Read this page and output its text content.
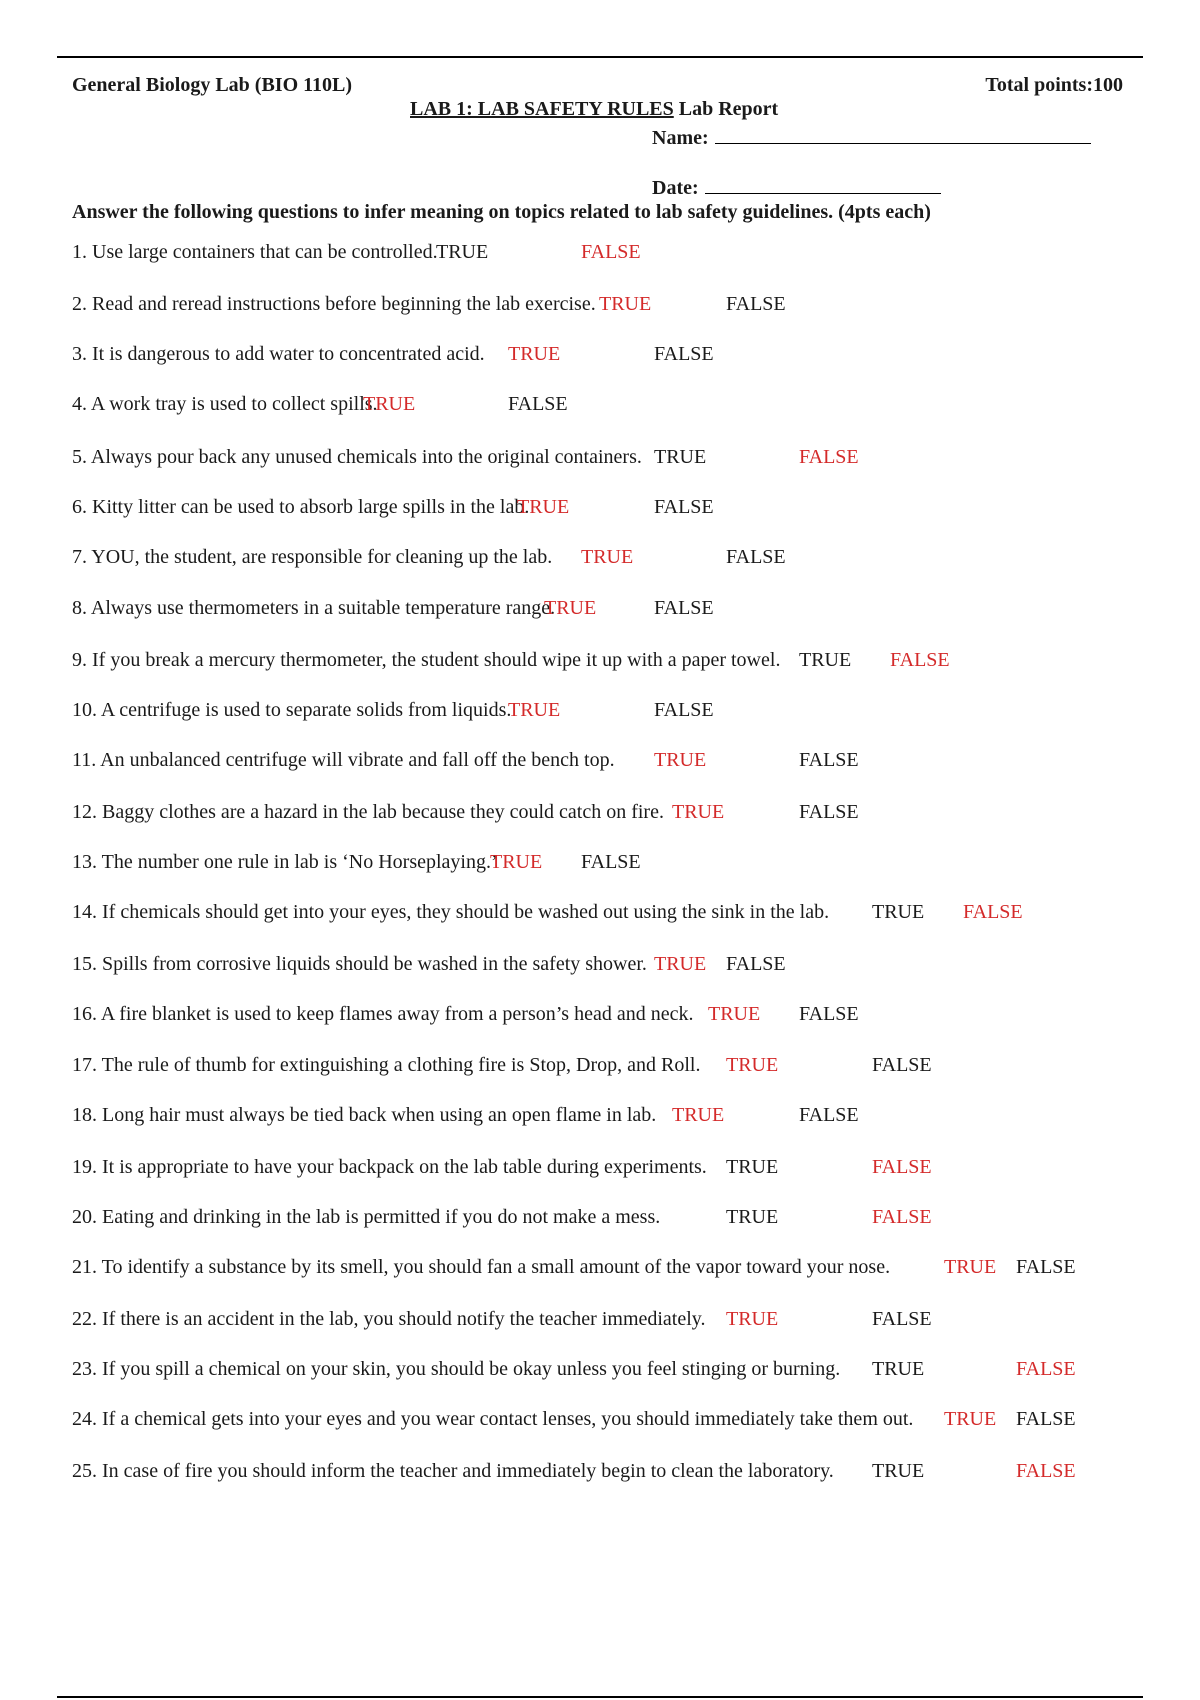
General Biology Lab (BIO 110L)	Total points:100
LAB 1: LAB SAFETY RULES Lab Report
Name:
Date:
Answer the following questions to infer meaning on topics related to lab safety guidelines. (4pts each)
1. Use large containers that can be controlled.
TRUE	FALSE
2. Read and reread instructions before beginning the lab exercise. TRUE	FALSE
3. It is dangerous to add water to concentrated acid. TRUE	FALSE
4. A work tray is used to collect spills.
TRUE	FALSE
5. Always pour back any unused chemicals into the original containers. TRUE	FALSE
6. Kitty litter can be used to absorb large spills in the lab.
TRUE	FALSE
7. YOU, the student, are responsible for cleaning up the lab. TRUE	FALSE
8. Always use thermometers in a suitable temperature range.
TRUE	FALSE
9. If you break a mercury thermometer, the student should wipe it up with a paper towel. TRUE FALSE
10. A centrifuge is used to separate solids from liquids.
TRUE	FALSE
11. An unbalanced centrifuge will vibrate and fall off the bench top. TRUE	FALSE
12. Baggy clothes are a hazard in the lab because they could catch on fire. TRUE	FALSE
13. The number one rule in lab is ‘No Horseplaying.’
TRUE FALSE
14. If chemicals should get into your eyes, they should be washed out using the sink in the lab. TRUE FALSE
15. Spills from corrosive liquids should be washed in the safety shower. TRUE FALSE
16. A fire blanket is used to keep flames away from a person’s head and neck. TRUE FALSE
17. The rule of thumb for extinguishing a clothing fire is Stop, Drop, and Roll. TRUE	FALSE
18. Long hair must always be tied back when using an open flame in lab. TRUE	FALSE
19. It is appropriate to have your backpack on the lab table during experiments. TRUE	FALSE
20. Eating and drinking in the lab is permitted if you do not make a mess.	TRUE	FALSE
21. To identify a substance by its smell, you should fan a small amount of the vapor toward your nose.	TRUE FALSE
22. If there is an accident in the lab, you should notify the teacher immediately. TRUE	FALSE
23. If you spill a chemical on your skin, you should be okay unless you feel stinging or burning. TRUE	FALSE
24. If a chemical gets into your eyes and you wear contact lenses, you should immediately take them out. TRUE FALSE
25. In case of fire you should inform the teacher and immediately begin to clean the laboratory. TRUE	FALSE
